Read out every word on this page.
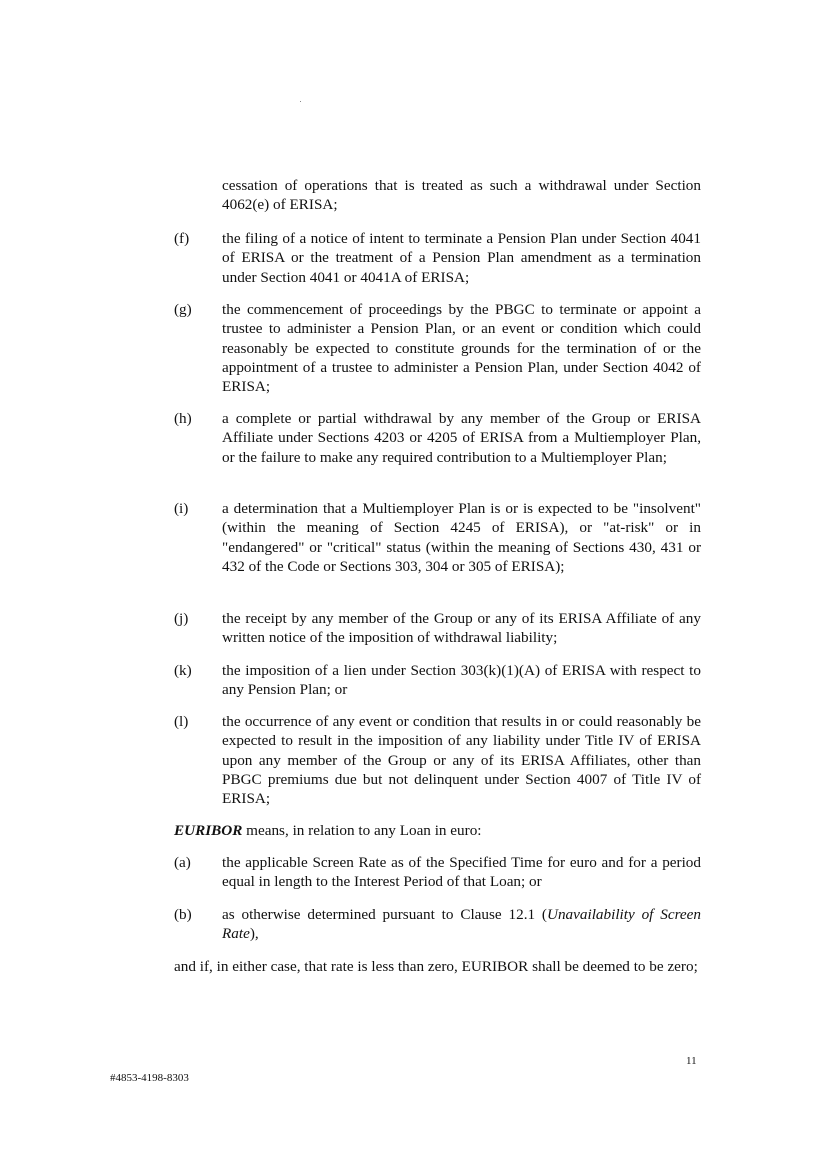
cessation of operations that is treated as such a withdrawal under Section 4062(e) of ERISA;
(f)	the filing of a notice of intent to terminate a Pension Plan under Section 4041 of ERISA or the treatment of a Pension Plan amendment as a termination under Section 4041 or 4041A of ERISA;
(g)	the commencement of proceedings by the PBGC to terminate or appoint a trustee to administer a Pension Plan, or an event or condition which could reasonably be expected to constitute grounds for the termination of or the appointment of a trustee to administer a Pension Plan, under Section 4042 of ERISA;
(h)	a complete or partial withdrawal by any member of the Group or ERISA Affiliate under Sections 4203 or 4205 of ERISA from a Multiemployer Plan, or the failure to make any required contribution to a Multiemployer Plan;
(i)	a determination that a Multiemployer Plan is or is expected to be "insolvent" (within the meaning of Section 4245 of ERISA), or "at-risk" or in "endangered" or "critical" status (within the meaning of Sections 430, 431 or 432 of the Code or Sections 303, 304 or 305 of ERISA);
(j)	the receipt by any member of the Group or any of its ERISA Affiliate of any written notice of the imposition of withdrawal liability;
(k)	the imposition of a lien under Section 303(k)(1)(A) of ERISA with respect to any Pension Plan; or
(l)	the occurrence of any event or condition that results in or could reasonably be expected to result in the imposition of any liability under Title IV of ERISA upon any member of the Group or any of its ERISA Affiliates, other than PBGC premiums due but not delinquent under Section 4007 of Title IV of ERISA;
EURIBOR means, in relation to any Loan in euro:
(a)	the applicable Screen Rate as of the Specified Time for euro and for a period equal in length to the Interest Period of that Loan; or
(b)	as otherwise determined pursuant to Clause 12.1 (Unavailability of Screen Rate),
and if, in either case, that rate is less than zero, EURIBOR shall be deemed to be zero;
11
#4853-4198-8303
